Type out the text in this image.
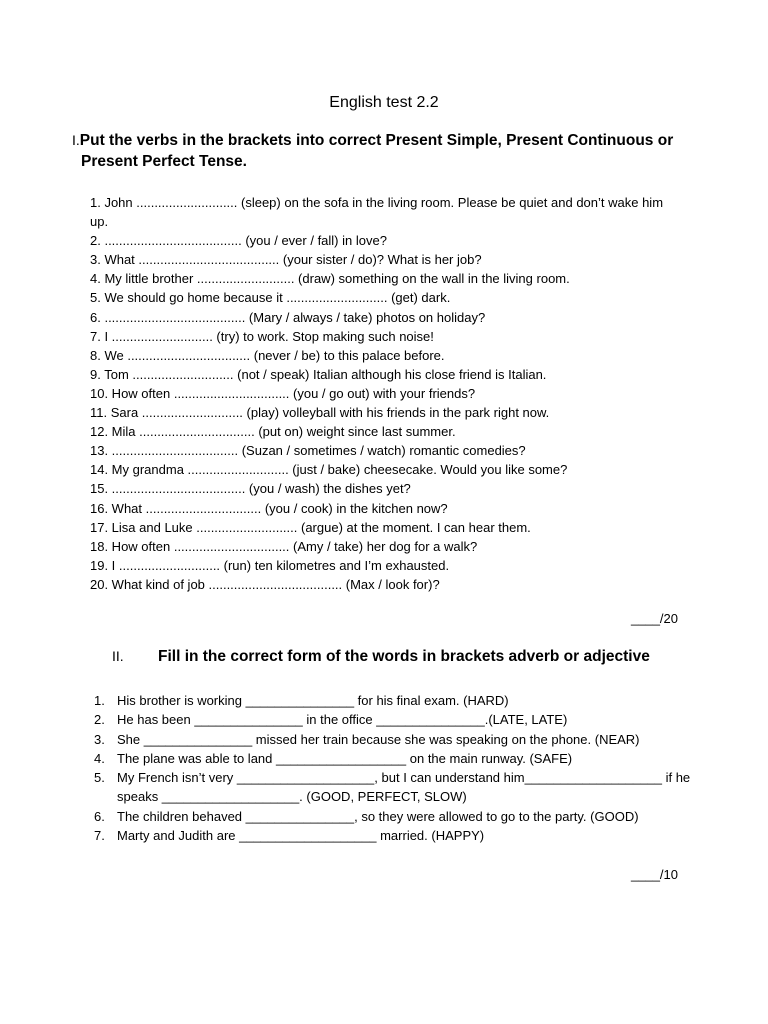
English test 2.2
I.Put the verbs in the brackets into correct Present Simple, Present Continuous or
Present Perfect Tense.
1. John ............................ (sleep) on the sofa in the living room. Please be quiet and don’t wake him up.
2. ...................................... (you / ever / fall) in love?
3. What ....................................... (your sister / do)? What is her job?
4. My little brother ........................... (draw) something on the wall in the living room.
5. We should go home because it ............................ (get) dark.
6. ....................................... (Mary / always / take) photos on holiday?
7. I ............................ (try) to work. Stop making such noise!
8. We .................................. (never / be) to this palace before.
9. Tom ............................ (not / speak) Italian although his close friend is Italian.
10. How often ................................ (you / go out) with your friends?
11. Sara ............................ (play) volleyball with his friends in the park right now.
12. Mila ................................ (put on) weight since last summer.
13. ................................... (Suzan / sometimes / watch) romantic comedies?
14. My grandma ............................ (just / bake) cheesecake. Would you like some?
15. ..................................... (you / wash) the dishes yet?
16. What ................................ (you / cook) in the kitchen now?
17. Lisa and Luke ............................ (argue) at the moment. I can hear them.
18. How often ................................ (Amy / take) her dog for a walk?
19. I ............................ (run) ten kilometres and I’m exhausted.
20. What kind of job ..................................... (Max / look for)?
____/20
II. Fill in the correct form of the words in brackets adverb or adjective
1. His brother is working _______________ for his final exam. (HARD)
2. He has been _______________ in the office _______________.(LATE, LATE)
3. She _______________ missed her train because she was speaking on the phone. (NEAR)
4. The plane was able to land __________________ on the main runway. (SAFE)
5. My French isn’t very ___________________, but I can understand him___________________ if he speaks ___________________. (GOOD, PERFECT, SLOW)
6. The children behaved _______________, so they were allowed to go to the party. (GOOD)
7. Marty and Judith are ___________________ married. (HAPPY)
____/10
